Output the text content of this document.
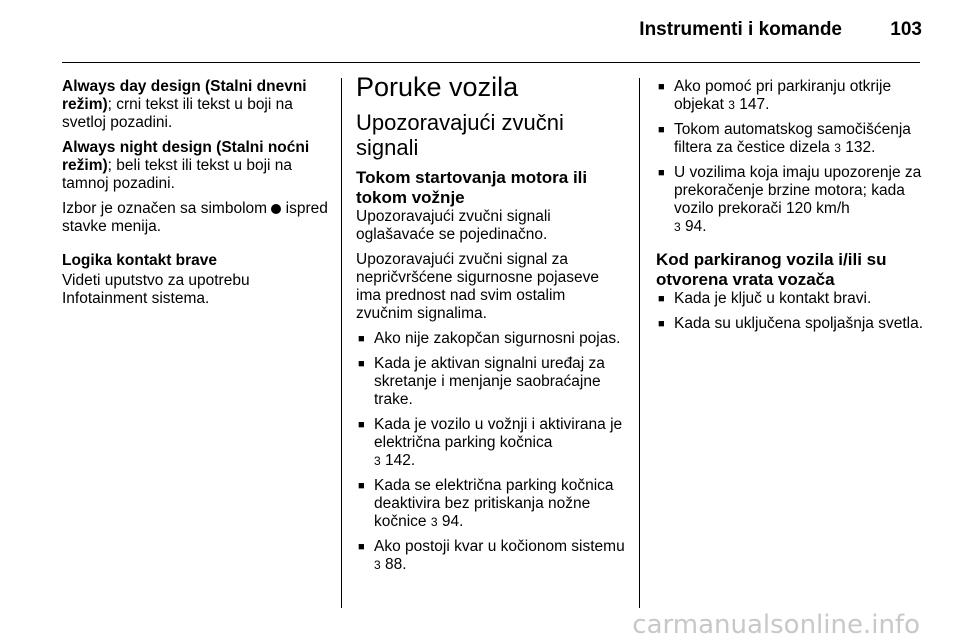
Instrumenti i komande	103

Always day design (Stalni dnevni režim); crni tekst ili tekst u boji na svetloj pozadini.

Always night design (Stalni noćni režim); beli tekst ili tekst u boji na tamnoj pozadini.

Izbor je označen sa simbolom ispred stavke menija.

Logika kontakt brave

Videti uputstvo za upotrebu Infotainment sistema.

Poruke vozila
Upozoravajući zvučni signali
Tokom startovanja motora ili tokom vožnje

Upozoravajući zvučni signali oglašavaće se pojedinačno.

Upozoravajući zvučni signal za nepričvršćene sigurnosne pojaseve ima prednost nad svim ostalim zvučnim signalima.

■ Ako nije zakopčan sigurnosni pojas.
■ Kada je aktivan signalni uređaj za skretanje i menjanje saobraćajne trake.
■ Kada je vozilo u vožnji i aktivirana je električna parking kočnica
3 142.
■ Kada se električna parking kočnica deaktivira bez pritiskanja nožne kočnice 3 94.
■ Ako postoji kvar u kočionom sistemu 3 88.
■ Ako pomoć pri parkiranju otkrije objekat 3 147.
■ Tokom automatskog samočišćenja filtera za čestice dizela 3 132.
■ U vozilima koja imaju upozorenje za prekoračenje brzine motora; kada vozilo prekorači 120 km/h
3 94.
Kod parkiranog vozila i/ili su otvorena vrata vozača
■ Kada je ključ u kontakt bravi.
■ Kada su uključena spoljašnja svetla.
carmanualsonline.info
